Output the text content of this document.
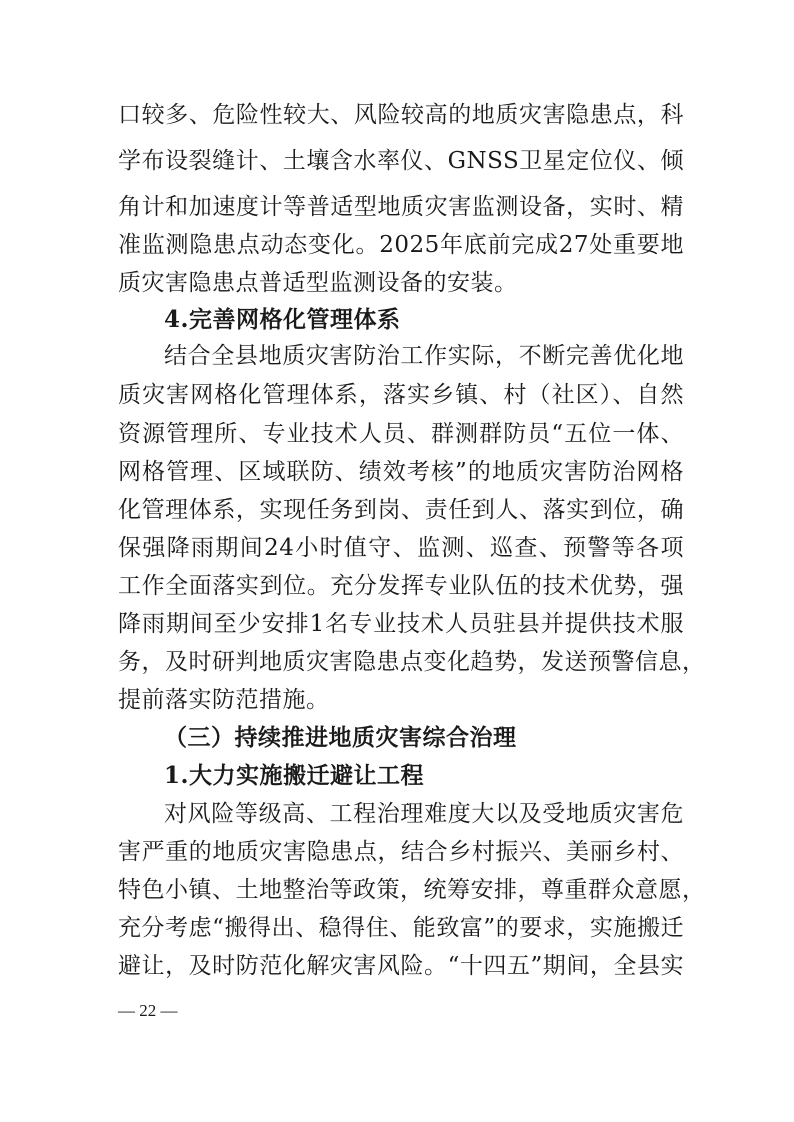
口较多、危险性较大、风险较高的地质灾害隐患点，科
学布设裂缝计、土壤含水率仪、GNSS卫星定位仪、倾
角计和加速度计等普适型地质灾害监测设备，实时、精
准监测隐患点动态变化。2025年底前完成27处重要地
质灾害隐患点普适型监测设备的安装。
4.完善网格化管理体系
结合全县地质灾害防治工作实际，不断完善优化地
质灾害网格化管理体系，落实乡镇、村（社区）、自然
资源管理所、专业技术人员、群测群防员“五位一体、
网格管理、区域联防、绩效考核”的地质灾害防治网格
化管理体系，实现任务到岗、责任到人、落实到位，确
保强降雨期间24小时值守、监测、巡查、预警等各项
工作全面落实到位。充分发挥专业队伍的技术优势，强
降雨期间至少安排1名专业技术人员驻县并提供技术服
务，及时研判地质灾害隐患点变化趋势，发送预警信息，
提前落实防范措施。
（三）持续推进地质灾害综合治理
1.大力实施搬迁避让工程
对风险等级高、工程治理难度大以及受地质灾害危
害严重的地质灾害隐患点，结合乡村振兴、美丽乡村、
特色小镇、土地整治等政策，统筹安排，尊重群众意愿，
充分考虑“搬得出、稳得住、能致富”的要求，实施搬迁
避让，及时防范化解灾害风险。“十四五”期间，全县实
— 22 —
